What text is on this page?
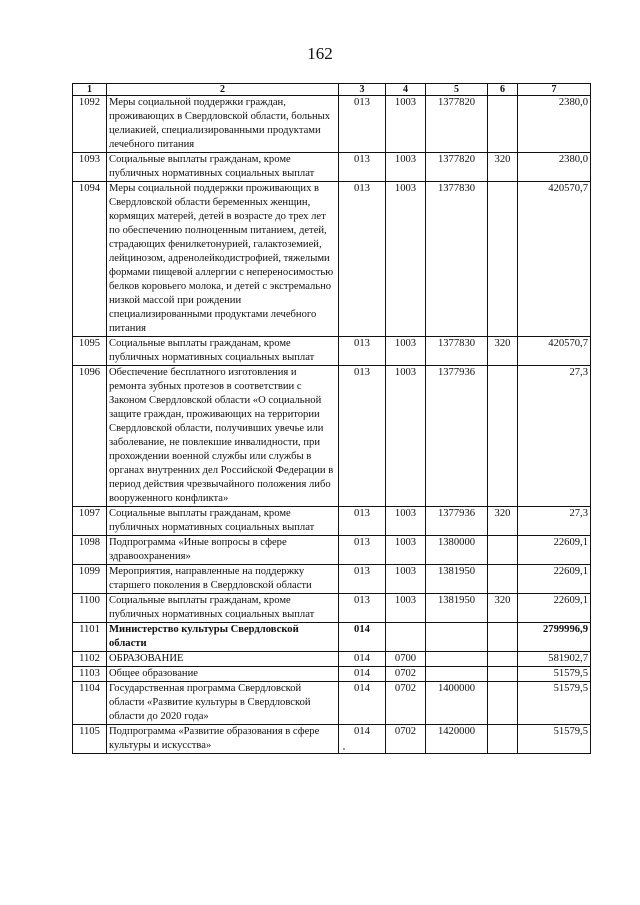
162
1	2	3	4	5	6	7
1092	Меры социальной поддержки граждан, проживающих в Свердловской области, больных целиакией, специализированными продуктами лечебного питания	013	1003	1377820		2380,0
1093	Социальные выплаты гражданам, кроме публичных нормативных социальных выплат	013	1003	1377820	320	2380,0
1094	Меры социальной поддержки проживающих в Свердловской области беременных женщин, кормящих матерей, детей в возрасте до трех лет по обеспечению полноценным питанием, детей, страдающих фенилкетонурией, галактоземией, лейцинозом, адренолейкодистрофией, тяжелыми формами пищевой аллергии с непереносимостью белков коровьего молока, и детей с экстремально низкой массой при рождении специализированными продуктами лечебного питания	013	1003	1377830		420570,7
1095	Социальные выплаты гражданам, кроме публичных нормативных социальных выплат	013	1003	1377830	320	420570,7
1096	Обеспечение бесплатного изготовления и ремонта зубных протезов в соответствии с Законом Свердловской области «О социальной защите граждан, проживающих на территории Свердловской области, получивших увечье или заболевание, не повлекшие инвалидности, при прохождении военной службы или службы в органах внутренних дел Российской Федерации в период действия чрезвычайного положения либо вооруженного конфликта»	013	1003	1377936		27,3
1097	Социальные выплаты гражданам, кроме публичных нормативных социальных выплат	013	1003	1377936	320	27,3
1098	Подпрограмма «Иные вопросы в сфере здравоохранения»	013	1003	1380000		22609,1
1099	Мероприятия, направленные на поддержку старшего поколения в Свердловской области	013	1003	1381950		22609,1
1100	Социальные выплаты гражданам, кроме публичных нормативных социальных выплат	013	1003	1381950	320	22609,1
1101	Министерство культуры Свердловской области	014				2799996,9
1102	ОБРАЗОВАНИЕ	014	0700			581902,7
1103	Общее образование	014	0702			51579,5
1104	Государственная программа Свердловской области «Развитие культуры в Свердловской области до 2020 года»	014	0702	1400000		51579,5
1105	Подпрограмма «Развитие образования в сфере культуры и искусства»	014	0702	1420000		51579,5
